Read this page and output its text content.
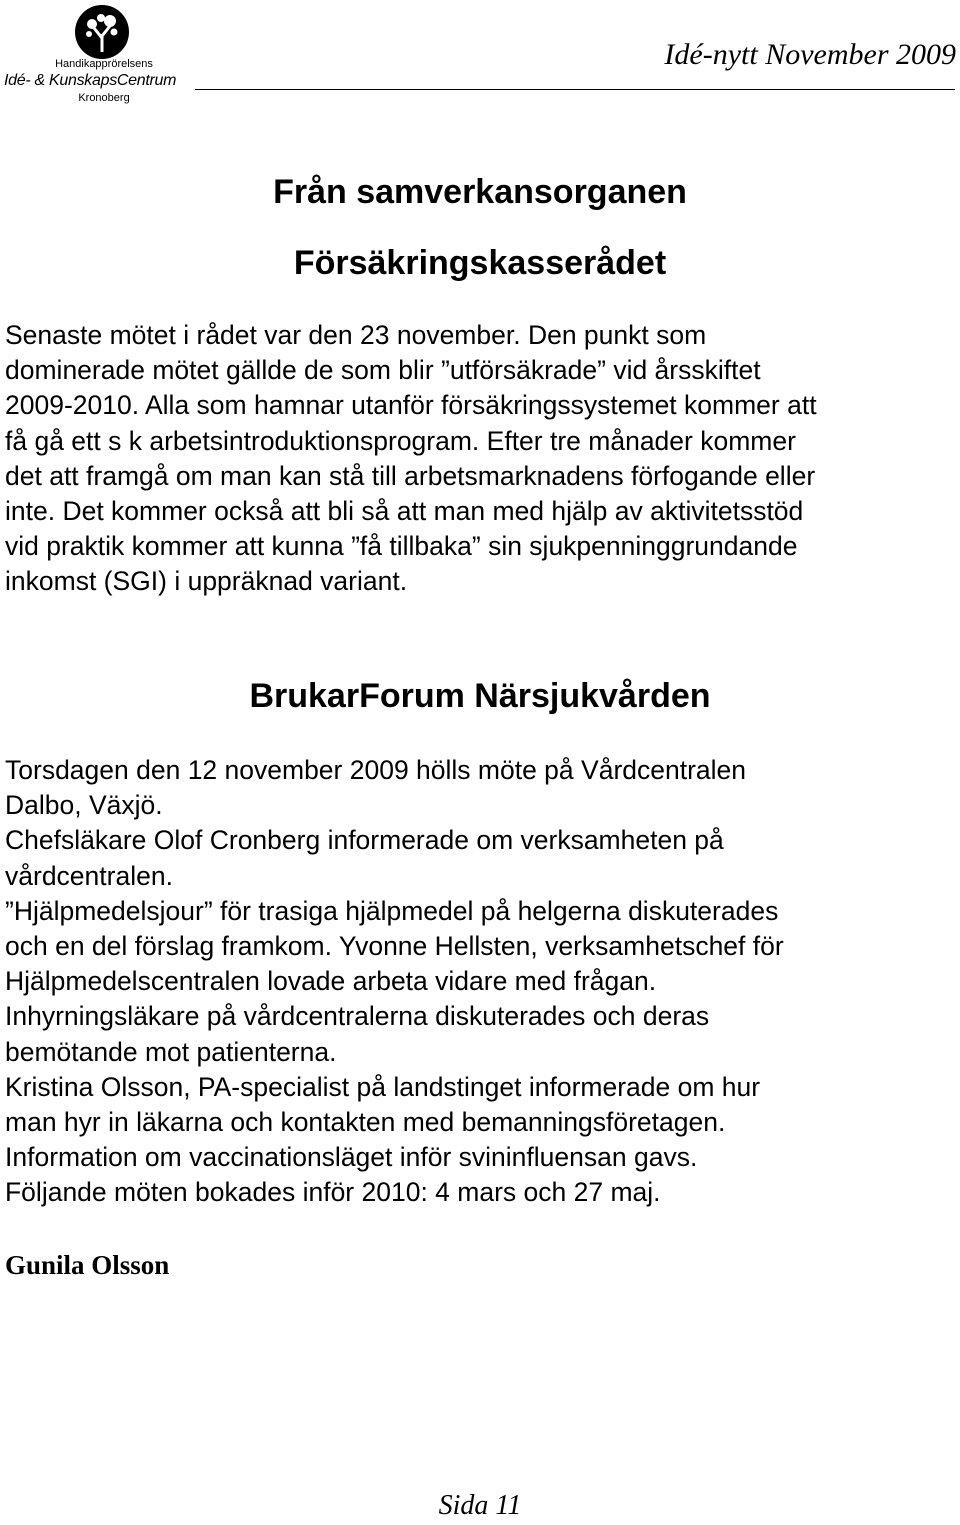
Handikapprörelsens
Idé- & KunskapsCentrum
Kronoberg
Idé-nytt November 2009
Från samverkansorganen
Försäkringskasserådet
Senaste mötet i rådet var den 23 november. Den punkt som
dominerade mötet gällde de som blir ”utförsäkrade” vid årsskiftet
2009-2010. Alla som hamnar utanför försäkringssystemet kommer att
få gå ett s k arbetsintroduktionsprogram. Efter tre månader kommer
det att framgå om man kan stå till arbetsmarknadens förfogande eller
inte. Det kommer också att bli så att man med hjälp av aktivitetsstöd
vid praktik kommer att kunna ”få tillbaka” sin sjukpenninggrundande
inkomst (SGI) i uppräknad variant.
BrukarForum Närsjukvården
Torsdagen den 12 november 2009 hölls möte på Vårdcentralen
Dalbo, Växjö.
Chefsläkare Olof Cronberg informerade om verksamheten på
vårdcentralen.
”Hjälpmedelsjour” för trasiga hjälpmedel på helgerna diskuterades
och en del förslag framkom. Yvonne Hellsten, verksamhetschef för
Hjälpmedelscentralen lovade arbeta vidare med frågan.
Inhyrningsläkare på vårdcentralerna diskuterades och deras
bemötande mot patienterna.
Kristina Olsson, PA-specialist på landstinget informerade om hur
man hyr in läkarna och kontakten med bemanningsföretagen.
Information om vaccinationsläget inför svininfluensan gavs.
Följande möten bokades inför 2010: 4 mars och 27 maj.
Gunila Olsson
Sida 11
